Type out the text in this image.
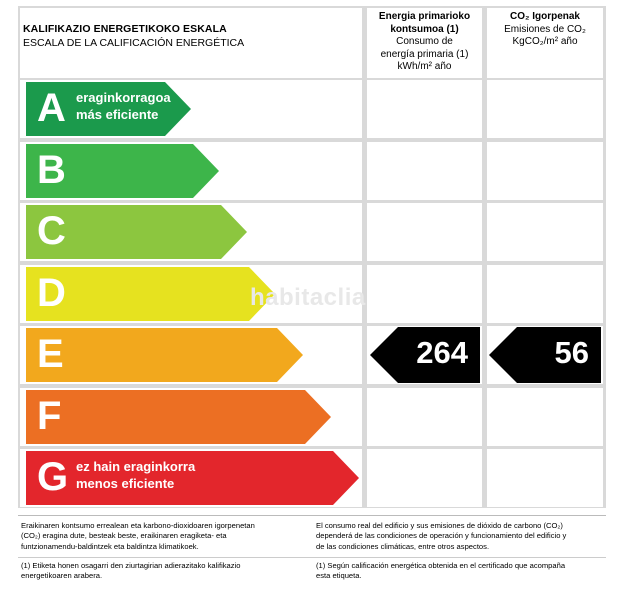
KALIFIKAZIO ENERGETIKOKO ESKALA
ESCALA DE LA CALIFICACIÓN ENERGÉTICA
Energia primarioko
kontsumoa (1)
Consumo de
energía primaria (1)
kWh/m² año
CO₂ Igorpenak
Emisiones de CO₂
KgCO₂/m² año
A eraginkorragoa
más eficiente
B
C
D
E	264	56
F
G ez hain eraginkorra
menos eficiente
habitaclia
Eraikinaren kontsumo errealean eta karbono-dioxidoaren igorpenetan
(CO₂) eragina dute, besteak beste, eraikinaren eragiketa- eta
funtzionamendu-baldintzek eta baldintza klimatikoek.
El consumo real del edificio y sus emisiones de dióxido de carbono (CO₂)
dependerá de las condiciones de operación y funcionamiento del edificio y
de las condiciones climáticas, entre otros aspectos.
(1) Etiketa honen osagarri den ziurtagirian adierazitako kalifikazio
energetikoaren arabera.
(1) Según calificación energética obtenida en el certificado que acompaña
esta etiqueta.
